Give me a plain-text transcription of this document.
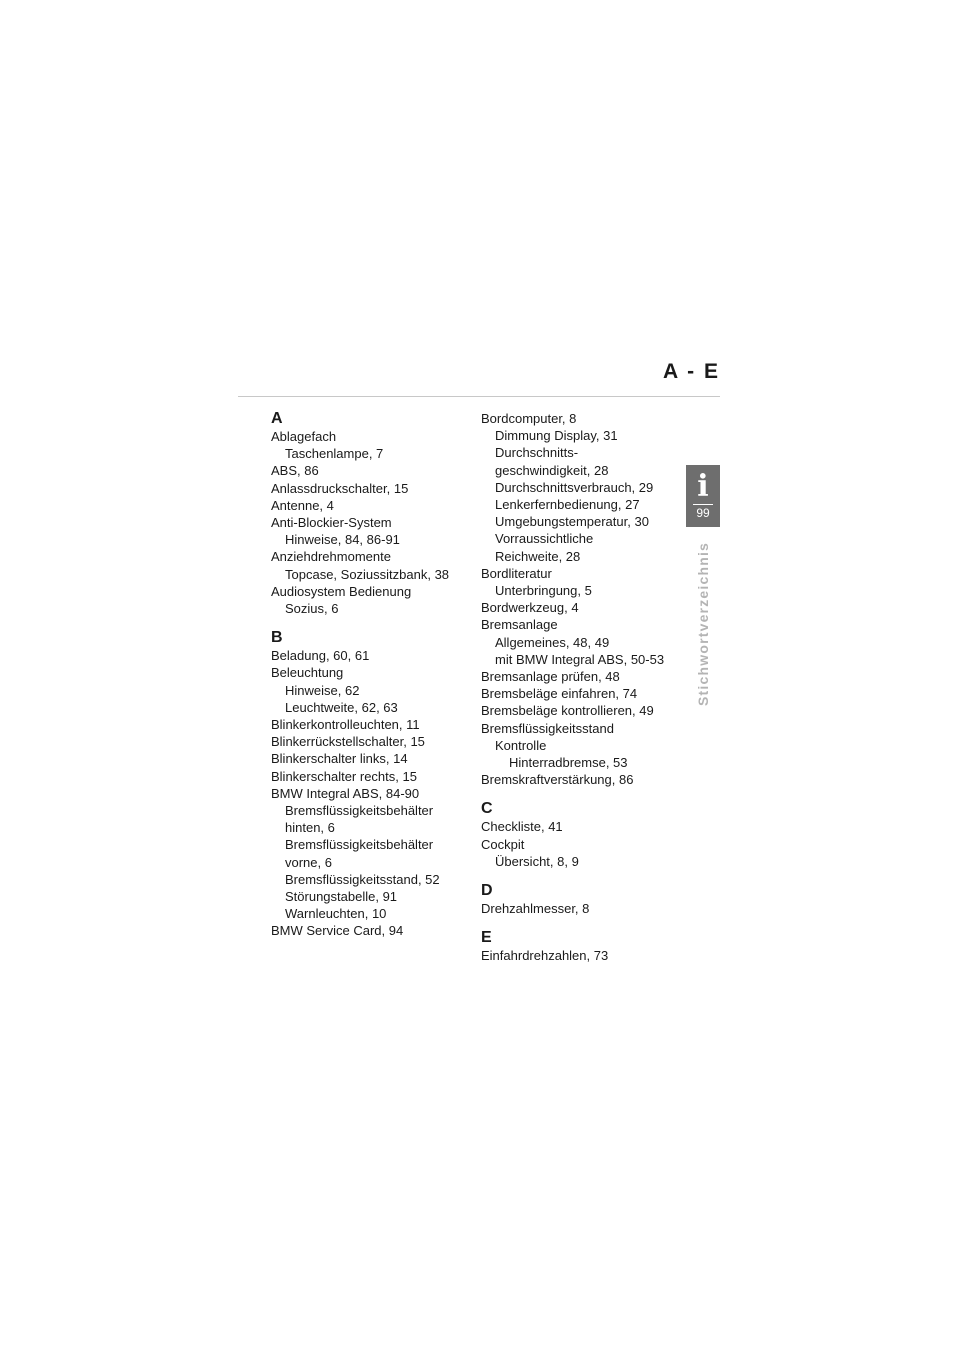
A - E
i
99
Stichwortverzeichnis
A
Ablagefach
Taschenlampe, 7
ABS, 86
Anlassdruckschalter, 15
Antenne, 4
Anti-Blockier-System
Hinweise, 84, 86-91
Anziehdrehmomente
Topcase, Soziussitzbank, 38
Audiosystem Bedienung
Sozius, 6
B
Beladung, 60, 61
Beleuchtung
Hinweise, 62
Leuchtweite, 62, 63
Blinkerkontrolleuchten, 11
Blinkerrückstellschalter, 15
Blinkerschalter links, 14
Blinkerschalter rechts, 15
BMW Integral ABS, 84-90
Bremsflüssigkeitsbehälter
hinten, 6
Bremsflüssigkeitsbehälter
vorne, 6
Bremsflüssigkeitsstand, 52
Störungstabelle, 91
Warnleuchten, 10
BMW Service Card, 94
Bordcomputer, 8
Dimmung Display, 31
Durchschnitts-
geschwindigkeit, 28
Durchschnittsverbrauch, 29
Lenkerfernbedienung, 27
Umgebungstemperatur, 30
Vorraussichtliche
Reichweite, 28
Bordliteratur
Unterbringung, 5
Bordwerkzeug, 4
Bremsanlage
Allgemeines, 48, 49
mit BMW Integral ABS, 50-53
Bremsanlage prüfen, 48
Bremsbeläge einfahren, 74
Bremsbeläge kontrollieren, 49
Bremsflüssigkeitsstand
Kontrolle
Hinterradbremse, 53
Bremskraftverstärkung, 86
C
Checkliste, 41
Cockpit
Übersicht, 8, 9
D
Drehzahlmesser, 8
E
Einfahrdrehzahlen, 73
